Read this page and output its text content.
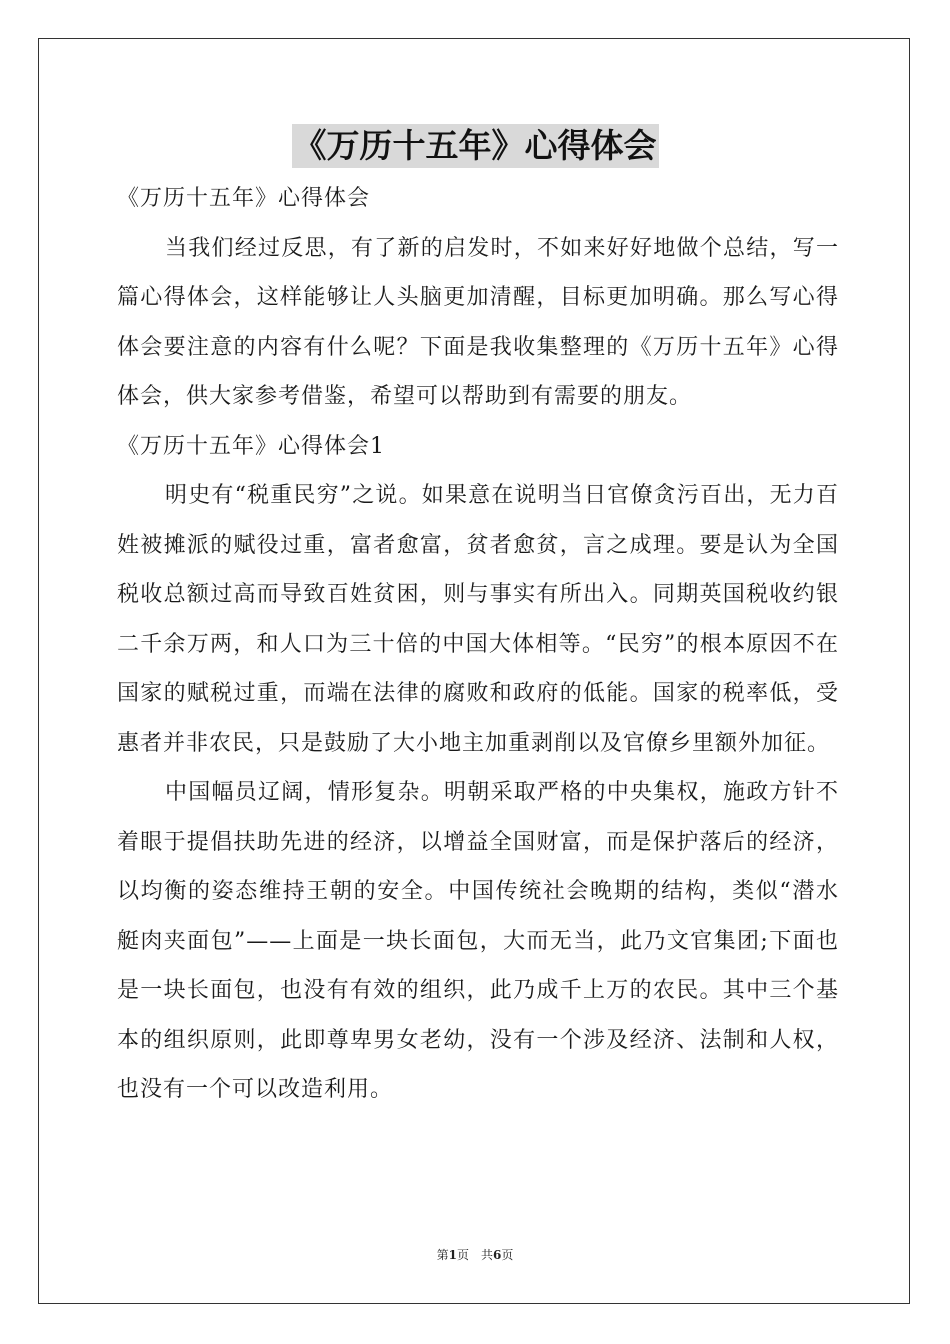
《万历十五年》心得体会

《万历十五年》心得体会

当我们经过反思，有了新的启发时，不如来好好地做个总结，写一篇心得体会，这样能够让人头脑更加清醒，目标更加明确。那么写心得体会要注意的内容有什么呢？下面是我收集整理的《万历十五年》心得体会，供大家参考借鉴，希望可以帮助到有需要的朋友。

《万历十五年》心得体会1

明史有“税重民穷”之说。如果意在说明当日官僚贪污百出，无力百姓被摊派的赋役过重，富者愈富，贫者愈贫，言之成理。要是认为全国税收总额过高而导致百姓贫困，则与事实有所出入。同期英国税收约银二千余万两，和人口为三十倍的中国大体相等。“民穷”的根本原因不在国家的赋税过重，而端在法律的腐败和政府的低能。国家的税率低，受惠者并非农民，只是鼓励了大小地主加重剥削以及官僚乡里额外加征。

中国幅员辽阔，情形复杂。明朝采取严格的中央集权，施政方针不着眼于提倡扶助先进的经济，以增益全国财富，而是保护落后的经济，以均衡的姿态维持王朝的安全。中国传统社会晚期的结构，类似“潜水艇肉夹面包”——上面是一块长面包，大而无当，此乃文官集团;下面也是一块长面包，也没有有效的组织，此乃成千上万的农民。其中三个基本的组织原则，此即尊卑男女老幼，没有一个涉及经济、法制和人权，也没有一个可以改造利用。

第1页　共6页
